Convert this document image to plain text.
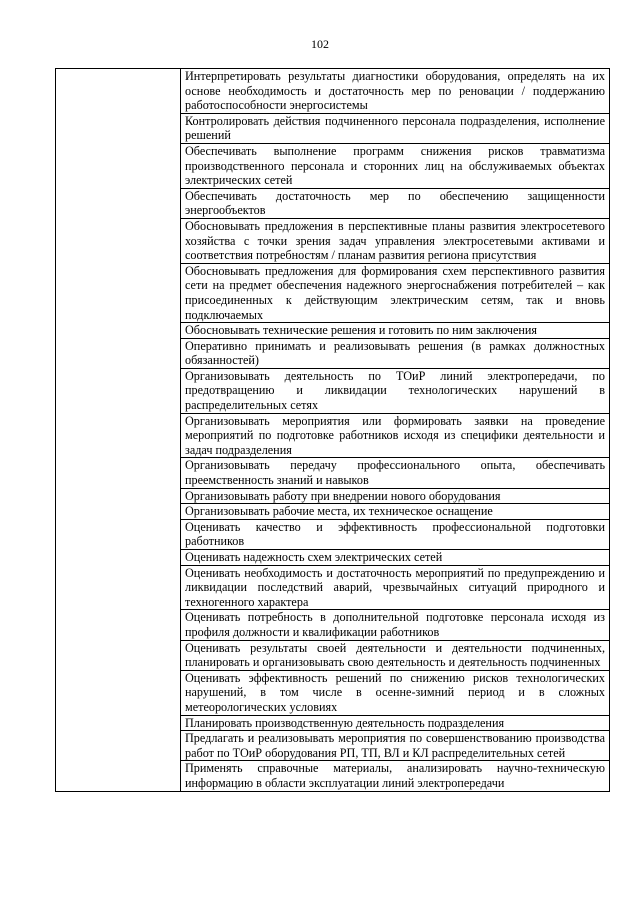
102

Интерпретировать результаты диагностики оборудования, определять на их основе необходимость и достаточность мер по реновации / поддержанию работоспособности энергосистемы

Контролировать действия подчиненного персонала подразделения, исполнение решений

Обеспечивать выполнение программ снижения рисков травматизма производственного персонала и сторонних лиц на обслуживаемых объектах электрических сетей

Обеспечивать достаточность мер по обеспечению защищенности энергообъектов

Обосновывать предложения в перспективные планы развития электросетевого хозяйства с точки зрения задач управления электросетевыми активами и соответствия потребностям / планам развития региона присутствия

Обосновывать предложения для формирования схем перспективного развития сети на предмет обеспечения надежного энергоснабжения потребителей – как присоединенных к действующим электрическим сетям, так и вновь подключаемых

Обосновывать технические решения и готовить по ним заключения

Оперативно принимать и реализовывать решения (в рамках должностных обязанностей)

Организовывать деятельность по ТОиР линий электропередачи, по предотвращению и ликвидации технологических нарушений в распределительных сетях

Организовывать мероприятия или формировать заявки на проведение мероприятий по подготовке работников исходя из специфики деятельности и задач подразделения

Организовывать передачу профессионального опыта, обеспечивать преемственность знаний и навыков

Организовывать работу при внедрении нового оборудования

Организовывать рабочие места, их техническое оснащение

Оценивать качество и эффективность профессиональной подготовки работников

Оценивать надежность схем электрических сетей

Оценивать необходимость и достаточность мероприятий по предупреждению и ликвидации последствий аварий, чрезвычайных ситуаций природного и техногенного характера

Оценивать потребность в дополнительной подготовке персонала исходя из профиля должности и квалификации работников

Оценивать результаты своей деятельности и деятельности подчиненных, планировать и организовывать свою деятельность и деятельность подчиненных

Оценивать эффективность решений по снижению рисков технологических нарушений, в том числе в осенне-зимний период и в сложных метеорологических условиях

Планировать производственную деятельность подразделения

Предлагать и реализовывать мероприятия по совершенствованию производства работ по ТОиР оборудования РП, ТП, ВЛ и КЛ распределительных сетей

Применять справочные материалы, анализировать научно-техническую информацию в области эксплуатации линий электропередачи
